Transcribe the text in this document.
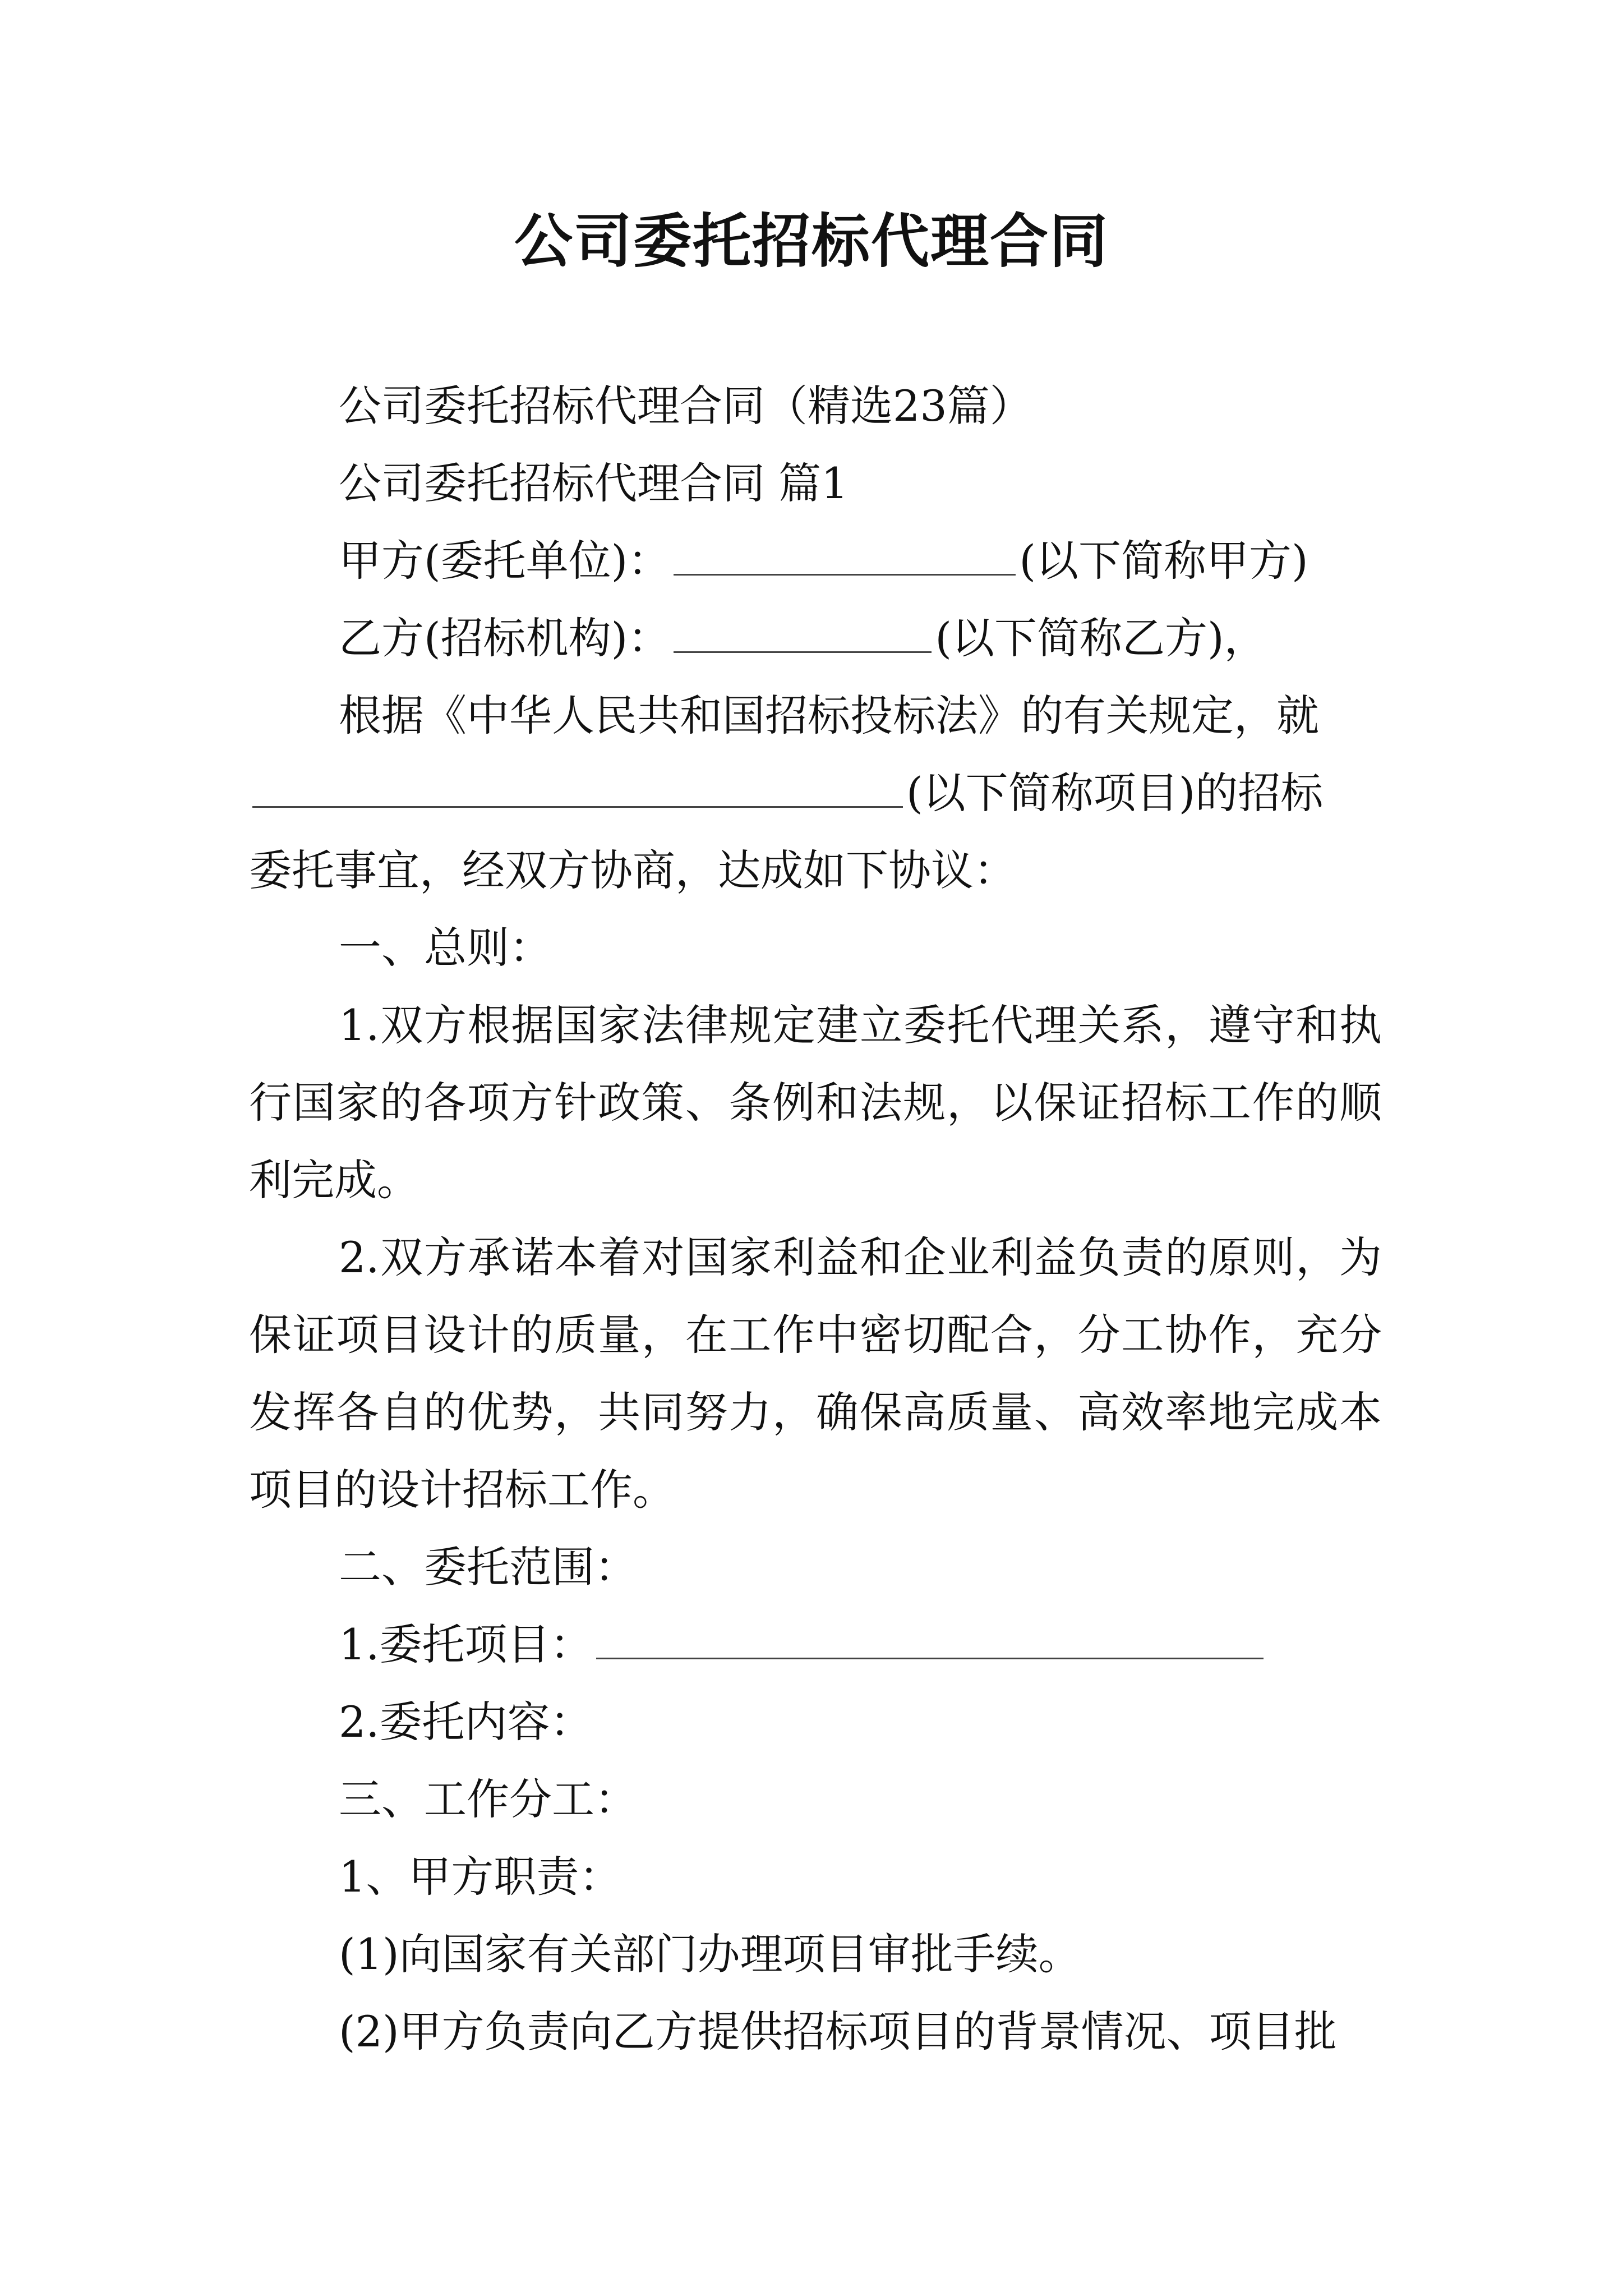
公司委托招标代理合同

公司委托招标代理合同（精选23篇）

公司委托招标代理合同 篇1

甲方(委托单位)：	(以下简称甲方)

乙方(招标机构)：	(以下简称乙方)，

根据《中华人民共和国招标投标法》的有关规定，就

(以下简称项目)的招标

委托事宜，经双方协商，达成如下协议：

一、总则：

1.双方根据国家法律规定建立委托代理关系，遵守和执行国家的各项方针政策、条例和法规，以保证招标工作的顺利完成。

2.双方承诺本着对国家利益和企业利益负责的原则，为保证项目设计的质量，在工作中密切配合，分工协作，充分发挥各自的优势，共同努力，确保高质量、高效率地完成本项目的设计招标工作。

二、委托范围：

1.委托项目：

2.委托内容：

三、工作分工：

1、甲方职责：

(1)向国家有关部门办理项目审批手续。

(2)甲方负责向乙方提供招标项目的背景情况、项目批
